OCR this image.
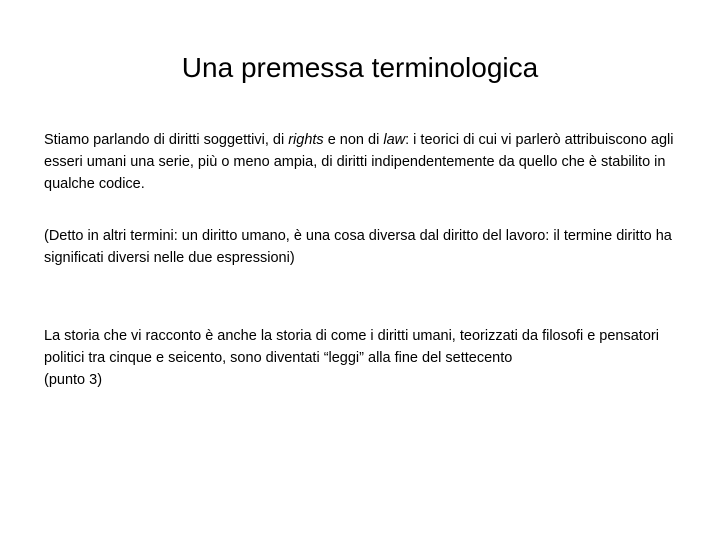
Una premessa terminologica

Stiamo parlando di diritti soggettivi, di rights e non di law: i teorici di cui vi parlerò attribuiscono agli esseri umani una serie, più o meno ampia, di diritti indipendentemente da quello che è stabilito in qualche codice.

(Detto in altri termini: un diritto umano, è una cosa diversa dal diritto del lavoro: il termine diritto ha significati diversi nelle due espressioni)

La storia che vi racconto è anche la storia di come i diritti umani, teorizzati da filosofi e pensatori politici tra cinque e seicento, sono diventati “leggi” alla fine del settecento
(punto 3)
